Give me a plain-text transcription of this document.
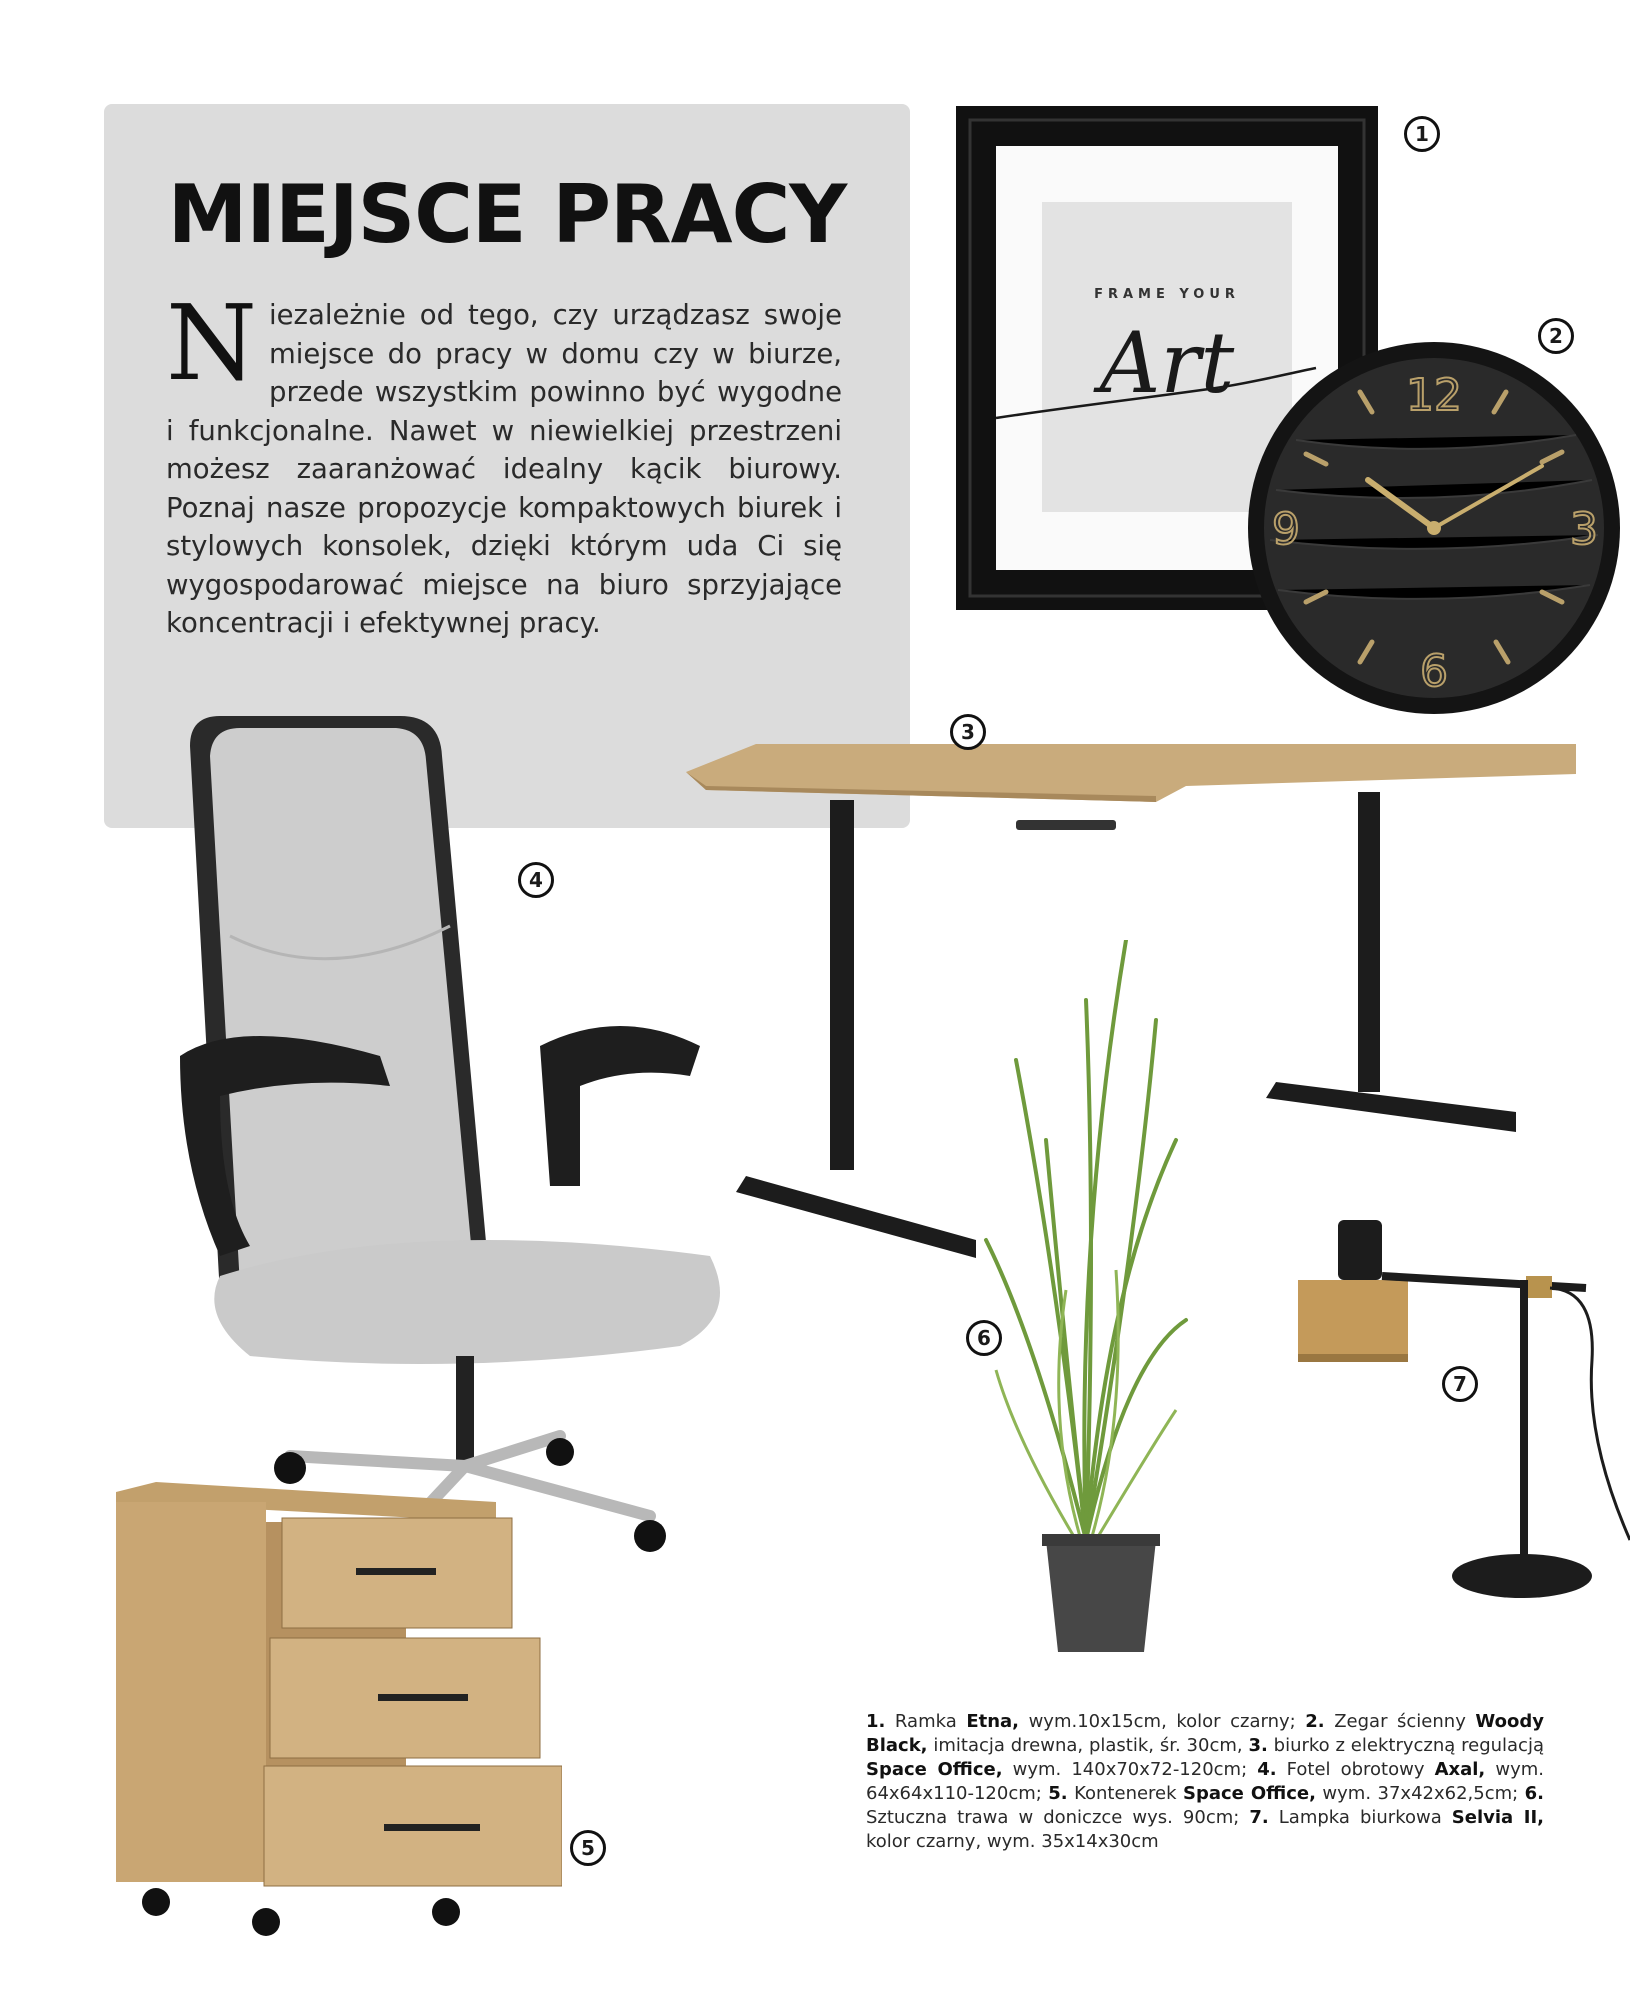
MIEJSCE PRACY
Niezależnie od tego, czy urządzasz swoje miejsce do pracy w domu czy w biurze, przede wszystkim powinno być wygodne i funkcjonalne. Nawet w niewielkiej przestrzeni możesz zaaranżować idealny kącik biurowy. Poznaj nasze propozycje kompaktowych biurek i stylowych konsolek, dzięki którym uda Ci się wygospodarować miejsce na biuro sprzyjające koncentracji i efektywnej pracy.
FRAME YOUR
Art
1
12
3
6
9
2
3
4
5
6
7
1. Ramka Etna, wym.10x15cm, kolor czarny; 2. Zegar ścienny Woody Black, imitacja drewna, plastik, śr. 30cm, 3. biurko z elektryczną regulacją Space Office, wym. 140x70x72-120cm; 4. Fotel obrotowy Axal, wym. 64x64x110-120cm; 5. Kontenerek Space Office, wym. 37x42x62,5cm; 6. Sztuczna trawa w doniczce wys. 90cm; 7. Lampka biurkowa Selvia II, kolor czarny, wym. 35x14x30cm
